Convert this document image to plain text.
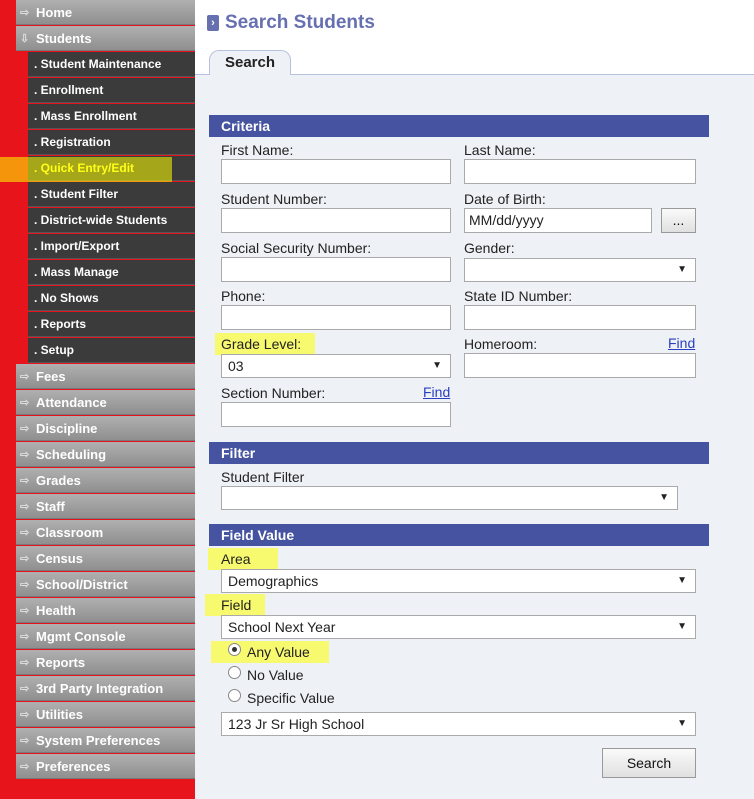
⇨ Home
⇩ Students
. Student Maintenance
. Enrollment
. Mass Enrollment
. Registration
. Student Filter
. District-wide Students
. Import/Export
. Mass Manage
. No Shows
. Reports
. Setup
⇨ Fees
⇨ Attendance
⇨ Discipline
⇨ Scheduling
⇨ Grades
⇨ Staff
⇨ Classroom
⇨ Census
⇨ School/District
⇨ Health
⇨ Mgmt Console
⇨ Reports
⇨ 3rd Party Integration
⇨ Utilities
⇨ System Preferences
⇨ Preferences
› Search Students
Search
Criteria
First Name:	Last Name:
Student Number:	Date of Birth:
MM/dd/yyyy	...
Social Security Number:	Gender:
▼
Phone:	State ID Number:
Grade Level:
03	▼
Homeroom:	Find
Section Number:	Find
Filter
Student Filter
▼
Field Value
Area
Demographics	▼
Field
School Next Year	▼
Any Value
No Value
Specific Value
123 Jr Sr High School	▼
Search
